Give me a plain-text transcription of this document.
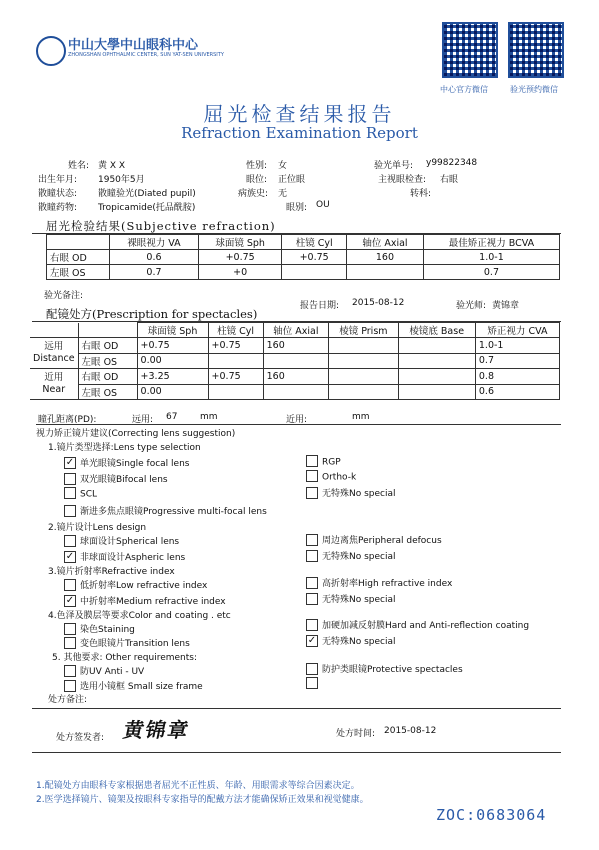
中山大學中山眼科中心
ZHONGSHAN OPHTHALMIC CENTER, SUN YAT-SEN UNIVERSITY
中心官方微信	验光预约微信
屈光检查结果报告
Refraction Examination Report
姓名: 黄 X X	性别: 女	验光单号: y99822348
出生年月: 1950年5月	眼位: 正位眼	主视眼检查: 右眼
散瞳状态: 散瞳验光(Diated pupil)	病族史: 无	转科:
散瞳药物: Tropicamide(托品酰胺)	眼别: OU
屈光检验结果(Subjective refraction)
	裸眼视力 VA	球面镜 Sph	柱镜 Cyl	轴位 Axial	最佳矫正视力 BCVA
右眼 OD	0.6	+0.75	+0.75	160	1.0-1
左眼 OS	0.7	+0			0.7
验光备注:
配镜处方(Prescription for spectacles)
报告日期: 2015-08-12	验光师: 黄锦章
		球面镜 Sph	柱镜 Cyl	轴位 Axial	棱镜 Prism	棱镜底 Base	矫正视力 CVA
远用
Distance	右眼 OD	+0.75	+0.75	160			1.0-1
	左眼 OS	0.00					0.7
近用
Near	右眼 OD	+3.25	+0.75	160			0.8
	左眼 OS	0.00					0.6
瞳孔距离(PD):	远用: 67	mm	近用:	mm
视力矫正镜片建议(Correcting lens suggestion)
1.镜片类型选择:Lens type selection
✓ 单光眼镜Single focal lens
双光眼镜Bifocal lens
SCL
渐进多焦点眼镜Progressive multi-focal lens
RGP
Ortho-k
无特殊No special
2.镜片设计Lens design
球面设计Spherical lens
✓ 非球面设计Aspheric lens
周边离焦Peripheral defocus
无特殊No special
3.镜片折射率Refractive index
低折射率Low refractive index
✓ 中折射率Medium refractive index
高折射率High refractive index
无特殊No special
4.色泽及膜层等要求Color and coating . etc
染色Staining
变色眼镜片Transition lens
加硬加减反射膜Hard and Anti-reflection coating
✓ 无特殊No special
5. 其他要求: Other requirements:
防UV Anti - UV
选用小镜框 Small size frame
防护类眼镜Protective spectacles
处方备注:
处方签发者: 黄锦章	处方时间: 2015-08-12
1.配镜处方由眼科专家根据患者屈光不正性质、年龄、用眼需求等综合因素决定。
2.医学选择镜片、镜架及按眼科专家指导的配戴方法才能确保矫正效果和视觉健康。
ZOC:0683064
